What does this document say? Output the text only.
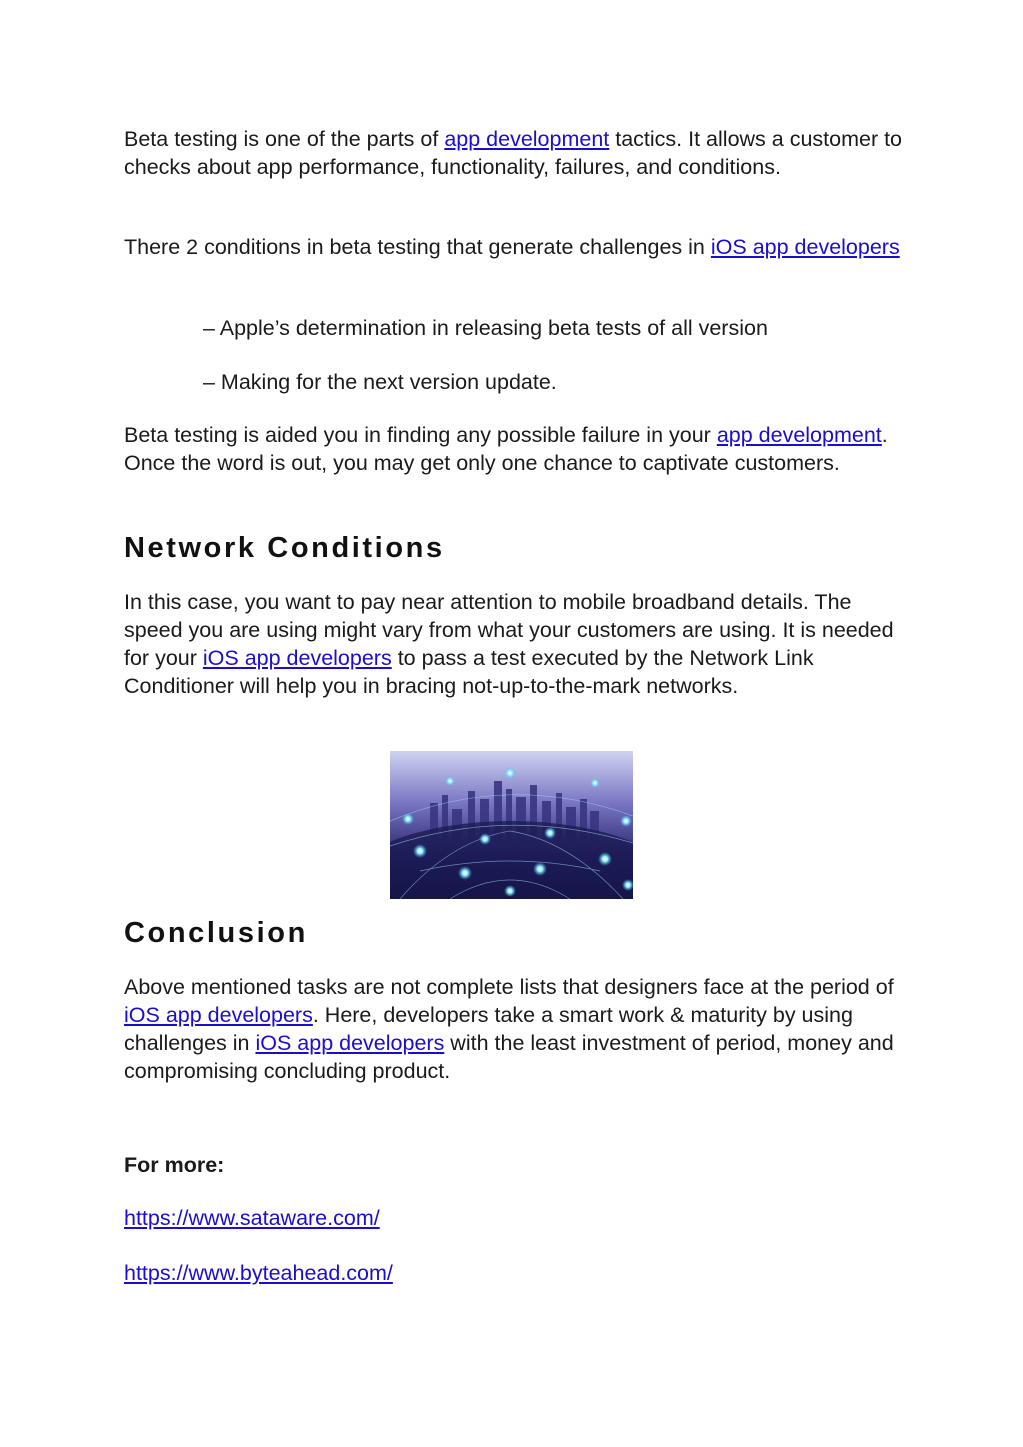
Beta testing is one of the parts of app development tactics. It allows a customer to checks about app performance, functionality, failures, and conditions.

There 2 conditions in beta testing that generate challenges in iOS app developers

– Apple’s determination in releasing beta tests of all version

– Making for the next version update.

Beta testing is aided you in finding any possible failure in your app development. Once the word is out, you may get only one chance to captivate customers.

Network Conditions

In this case, you want to pay near attention to mobile broadband details. The speed you are using might vary from what your customers are using. It is needed for your iOS app developers to pass a test executed by the Network Link Conditioner will help you in bracing not-up-to-the-mark networks.

Conclusion

Above mentioned tasks are not complete lists that designers face at the period of iOS app developers. Here, developers take a smart work & maturity by using challenges in iOS app developers with the least investment of period, money and compromising concluding product.

For more:

https://www.sataware.com/

https://www.byteahead.com/
